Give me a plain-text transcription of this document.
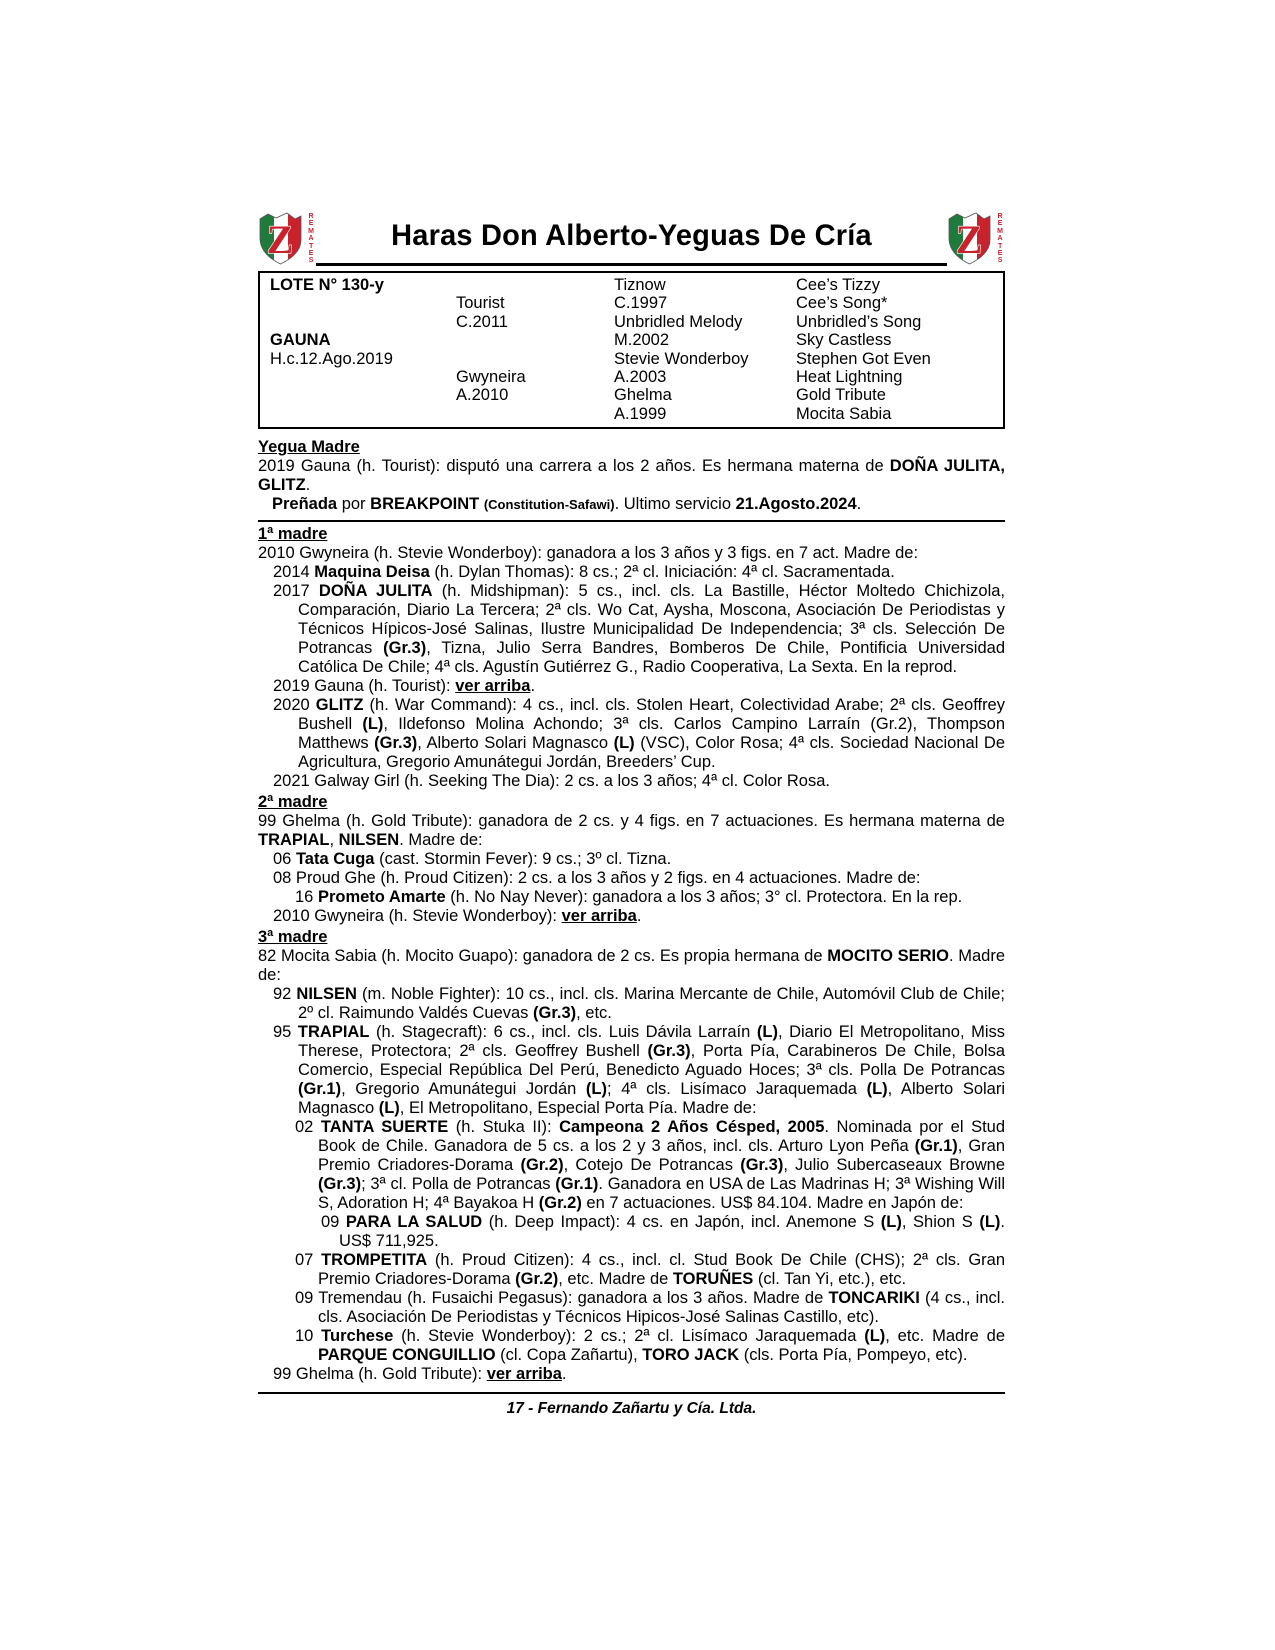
Z
R
E
M
A
T
E
S
Haras Don Alberto-Yeguas De Cría Z
R
E
M
A
T
E
S
LOTE N° 130-y
GAUNA
H.c.12.Ago.2019
Tourist
C.2011
Gwyneira
A.2010
Tiznow
C.1997
Unbridled Melody
M.2002
Stevie Wonderboy
A.2003
Ghelma
A.1999
Cee’s Tizzy
Cee’s Song*
Unbridled’s Song
Sky Castless
Stephen Got Even
Heat Lightning
Gold Tribute
Mocita Sabia
Yegua Madre

2019 Gauna (h. Tourist): disputó una carrera a los 2 años. Es hermana materna de DOÑA JULITA, GLITZ.

Preñada por BREAKPOINT (Constitution-Safawi). Ultimo servicio 21.Agosto.2024.

1ª madre

2010 Gwyneira (h. Stevie Wonderboy): ganadora a los 3 años y 3 figs. en 7 act. Madre de:

2014 Maquina Deisa (h. Dylan Thomas): 8 cs.; 2ª cl. Iniciación: 4ª cl. Sacramentada.

2017 DOÑA JULITA (h. Midshipman): 5 cs., incl. cls. La Bastille, Héctor Moltedo Chichizola, Comparación, Diario La Tercera; 2ª cls. Wo Cat, Aysha, Moscona, Asociación De Periodistas y Técnicos Hípicos-José Salinas, Ilustre Municipalidad De Independencia; 3ª cls. Selección De Potrancas (Gr.3), Tizna, Julio Serra Bandres, Bomberos De Chile, Pontificia Universidad Católica De Chile; 4ª cls. Agustín Gutiérrez G., Radio Cooperativa, La Sexta. En la reprod.

2019 Gauna (h. Tourist): ver arriba.

2020 GLITZ (h. War Command): 4 cs., incl. cls. Stolen Heart, Colectividad Arabe; 2ª cls. Geoffrey Bushell (L), Ildefonso Molina Achondo; 3ª cls. Carlos Campino Larraín (Gr.2), Thompson Matthews (Gr.3), Alberto Solari Magnasco (L) (VSC), Color Rosa; 4ª cls. Sociedad Nacional De Agricultura, Gregorio Amunátegui Jordán, Breeders’ Cup.

2021 Galway Girl (h. Seeking The Dia): 2 cs. a los 3 años; 4ª cl. Color Rosa.

2ª madre

99 Ghelma (h. Gold Tribute): ganadora de 2 cs. y 4 figs. en 7 actuaciones. Es hermana materna de TRAPIAL, NILSEN. Madre de:

06 Tata Cuga (cast. Stormin Fever): 9 cs.; 3º cl. Tizna.

08 Proud Ghe (h. Proud Citizen): 2 cs. a los 3 años y 2 figs. en 4 actuaciones. Madre de:

16 Prometo Amarte (h. No Nay Never): ganadora a los 3 años; 3° cl. Protectora. En la rep.

2010 Gwyneira (h. Stevie Wonderboy): ver arriba.

3ª madre

82 Mocita Sabia (h. Mocito Guapo): ganadora de 2 cs. Es propia hermana de MOCITO SERIO. Madre de:

92 NILSEN (m. Noble Fighter): 10 cs., incl. cls. Marina Mercante de Chile, Automóvil Club de Chile; 2º cl. Raimundo Valdés Cuevas (Gr.3), etc.

95 TRAPIAL (h. Stagecraft): 6 cs., incl. cls. Luis Dávila Larraín (L), Diario El Metropolitano, Miss Therese, Protectora; 2ª cls. Geoffrey Bushell (Gr.3), Porta Pía, Carabineros De Chile, Bolsa Comercio, Especial República Del Perú, Benedicto Aguado Hoces; 3ª cls. Polla De Potrancas (Gr.1), Gregorio Amunátegui Jordán (L); 4ª cls. Lisímaco Jaraquemada (L), Alberto Solari Magnasco (L), El Metropolitano, Especial Porta Pía. Madre de:

02 TANTA SUERTE (h. Stuka II): Campeona 2 Años Césped, 2005. Nominada por el Stud Book de Chile. Ganadora de 5 cs. a los 2 y 3 años, incl. cls. Arturo Lyon Peña (Gr.1), Gran Premio Criadores-Dorama (Gr.2), Cotejo De Potrancas (Gr.3), Julio Subercaseaux Browne (Gr.3); 3ª cl. Polla de Potrancas (Gr.1). Ganadora en USA de Las Madrinas H; 3ª Wishing Will S, Adoration H; 4ª Bayakoa H (Gr.2) en 7 actuaciones. US$ 84.104. Madre en Japón de:

09 PARA LA SALUD (h. Deep Impact): 4 cs. en Japón, incl. Anemone S (L), Shion S (L). US$ 711,925.

07 TROMPETITA (h. Proud Citizen): 4 cs., incl. cl. Stud Book De Chile (CHS); 2ª cls. Gran Premio Criadores-Dorama (Gr.2), etc. Madre de TORUÑES (cl. Tan Yi, etc.), etc.

09 Tremendau (h. Fusaichi Pegasus): ganadora a los 3 años. Madre de TONCARIKI (4 cs., incl. cls. Asociación De Periodistas y Técnicos Hipicos-José Salinas Castillo, etc).

10 Turchese (h. Stevie Wonderboy): 2 cs.; 2ª cl. Lisímaco Jaraquemada (L), etc. Madre de PARQUE CONGUILLIO (cl. Copa Zañartu), TORO JACK (cls. Porta Pía, Pompeyo, etc).

99 Ghelma (h. Gold Tribute): ver arriba.

17 - Fernando Zañartu y Cía. Ltda.
